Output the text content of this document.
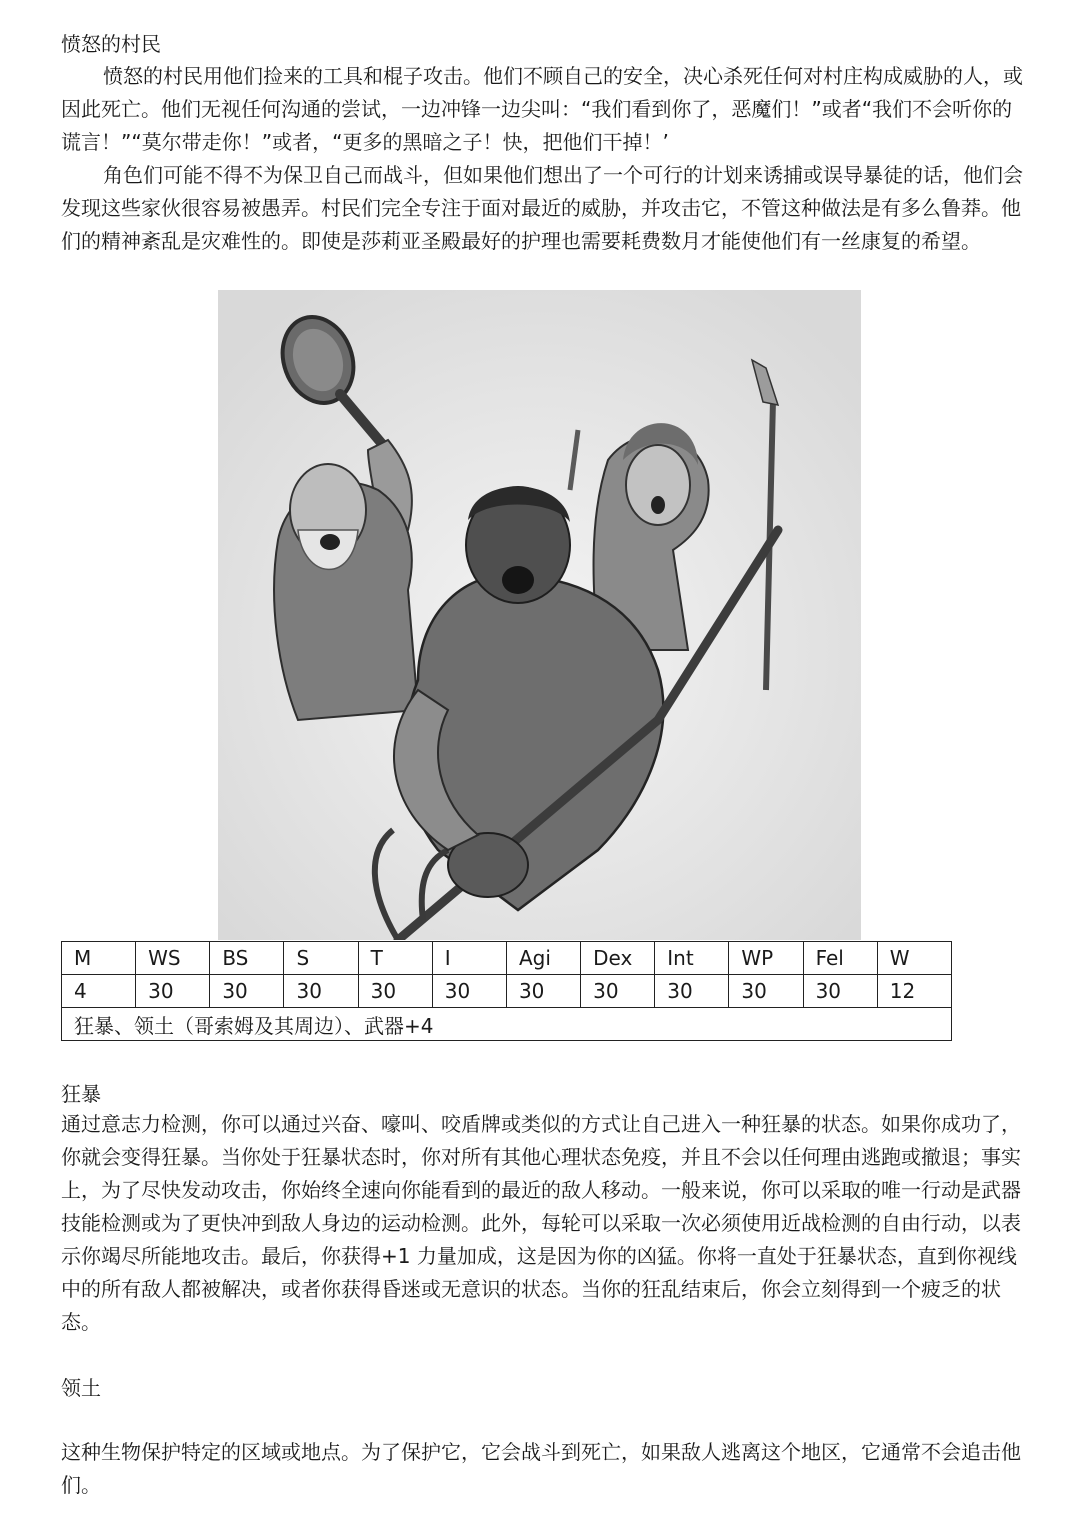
愤怒的村民

愤怒的村民用他们捡来的工具和棍子攻击。他们不顾自己的安全，决心杀死任何对村庄构成威胁的人，或因此死亡。他们无视任何沟通的尝试，一边冲锋一边尖叫：“我们看到你了，恶魔们！”或者“我们不会听你的谎言！”“莫尔带走你！”或者，“更多的黑暗之子！快，把他们干掉！’

角色们可能不得不为保卫自己而战斗，但如果他们想出了一个可行的计划来诱捕或误导暴徒的话，他们会发现这些家伙很容易被愚弄。村民们完全专注于面对最近的威胁，并攻击它，不管这种做法是有多么鲁莽。他们的精神紊乱是灾难性的。即使是莎莉亚圣殿最好的护理也需要耗费数月才能使他们有一丝康复的希望。

M	WS	BS	S	T	I	Agi	Dex	Int	WP	Fel	W
4	30	30	30	30	30	30	30	30	30	30	12
狂暴、领土（哥索姆及其周边）、武器+4											
狂暴

通过意志力检测，你可以通过兴奋、嚎叫、咬盾牌或类似的方式让自己进入一种狂暴的状态。如果你成功了，你就会变得狂暴。当你处于狂暴状态时，你对所有其他心理状态免疫，并且不会以任何理由逃跑或撤退；事实上，为了尽快发动攻击，你始终全速向你能看到的最近的敌人移动。一般来说，你可以采取的唯一行动是武器技能检测或为了更快冲到敌人身边的运动检测。此外，每轮可以采取一次必须使用近战检测的自由行动，以表示你竭尽所能地攻击。最后，你获得+1 力量加成，这是因为你的凶猛。你将一直处于狂暴状态，直到你视线中的所有敌人都被解决，或者你获得昏迷或无意识的状态。当你的狂乱结束后，你会立刻得到一个疲乏的状态。

领土

这种生物保护特定的区域或地点。为了保护它，它会战斗到死亡，如果敌人逃离这个地区，它通常不会追击他们。
